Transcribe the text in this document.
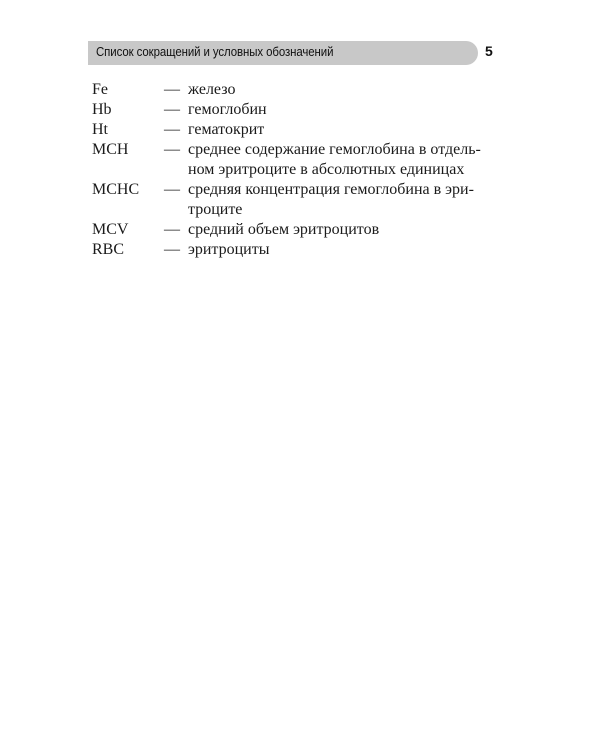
Список сокращений и условных обозначений	5
Fe	— железо
Hb	— гемоглобин
Ht	— гематокрит
MCH	— среднее содержание гемоглобина в отдель-
ном эритроците в абсолютных единицах
MCHC	— средняя концентрация гемоглобина в эри-
троците
MCV	— средний объем эритроцитов
RBC	— эритроциты
